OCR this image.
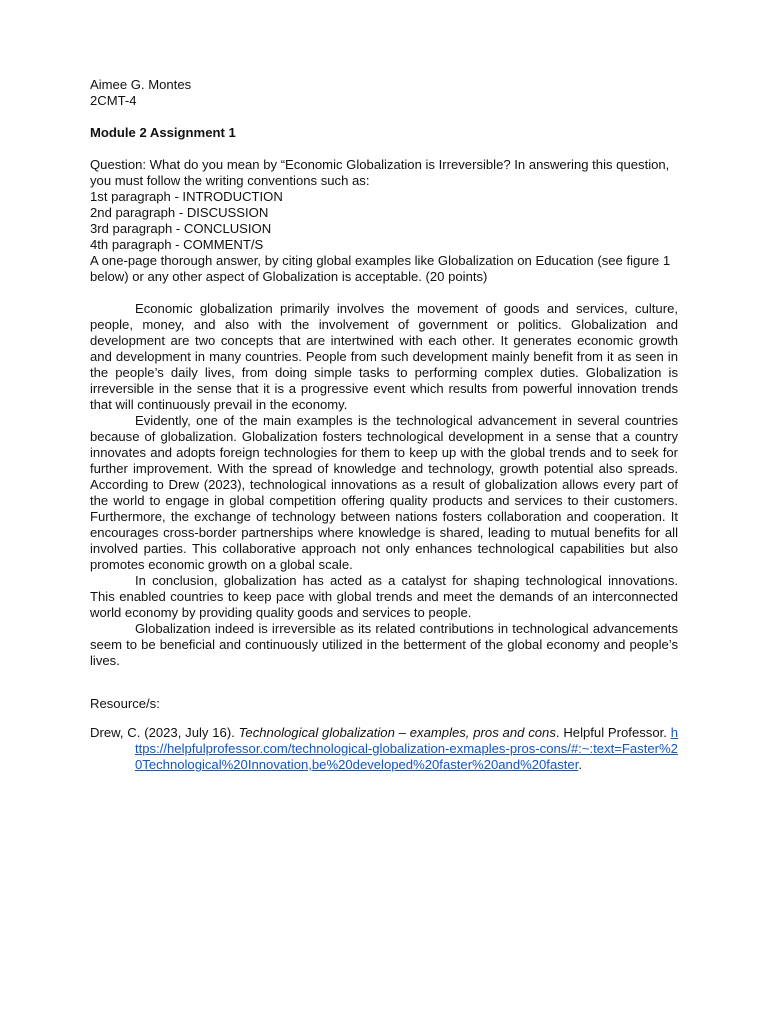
Aimee G. Montes
2CMT-4
Module 2 Assignment 1
Question: What do you mean by “Economic Globalization is Irreversible? In answering this question, you must follow the writing conventions such as:
1st paragraph - INTRODUCTION
2nd paragraph - DISCUSSION
3rd paragraph - CONCLUSION
4th paragraph - COMMENT/S
A one-page thorough answer, by citing global examples like Globalization on Education (see figure 1 below) or any other aspect of Globalization is acceptable. (20 points)

Economic globalization primarily involves the movement of goods and services, culture, people, money, and also with the involvement of government or politics. Globalization and development are two concepts that are intertwined with each other. It generates economic growth and development in many countries. People from such development mainly benefit from it as seen in the people’s daily lives, from doing simple tasks to performing complex duties. Globalization is irreversible in the sense that it is a progressive event which results from powerful innovation trends that will continuously prevail in the economy.

Evidently, one of the main examples is the technological advancement in several countries because of globalization. Globalization fosters technological development in a sense that a country innovates and adopts foreign technologies for them to keep up with the global trends and to seek for further improvement. With the spread of knowledge and technology, growth potential also spreads. According to Drew (2023), technological innovations as a result of globalization allows every part of the world to engage in global competition offering quality products and services to their customers. Furthermore, the exchange of technology between nations fosters collaboration and cooperation. It encourages cross-border partnerships where knowledge is shared, leading to mutual benefits for all involved parties. This collaborative approach not only enhances technological capabilities but also promotes economic growth on a global scale.

In conclusion, globalization has acted as a catalyst for shaping technological innovations. This enabled countries to keep pace with global trends and meet the demands of an interconnected world economy by providing quality goods and services to people.

Globalization indeed is irreversible as its related contributions in technological advancements seem to be beneficial and continuously utilized in the betterment of the global economy and people’s lives.

Resource/s:

Drew, C. (2023, July 16). Technological globalization – examples, pros and cons. Helpful Professor. https://helpfulprofessor.com/technological-globalization-exmaples-pros-cons/#:~:text=Faster%20Technological%20Innovation,be%20developed%20faster%20and%20faster.
